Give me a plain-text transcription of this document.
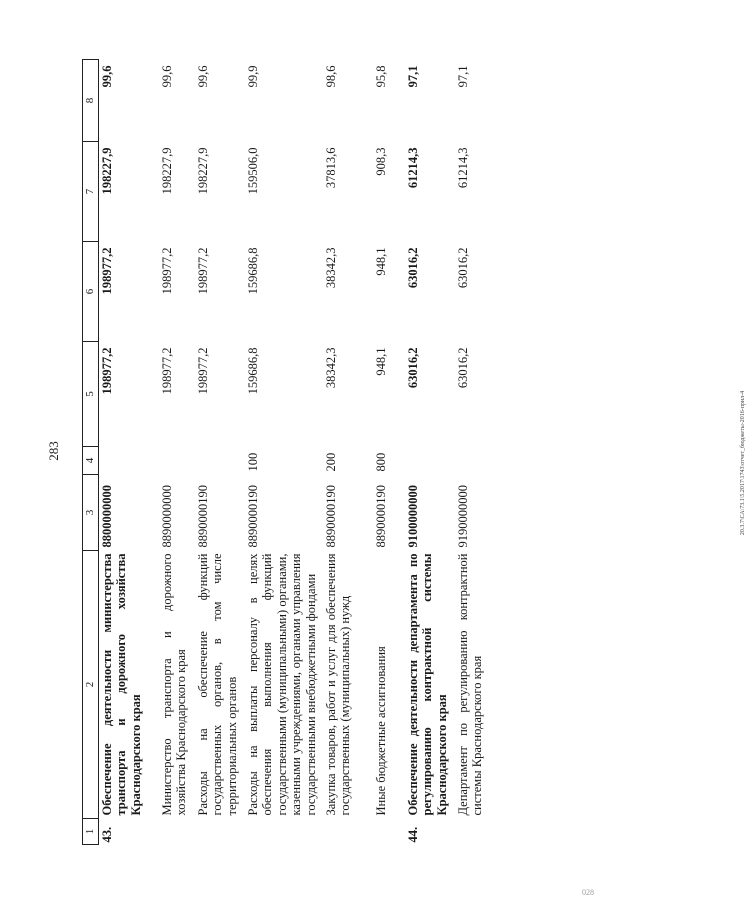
283	20.3.7\СА\73.1\5.2017\1743\отчет_бюджеты-2016-прил-4
028
1	2	3	4	5	6	7	8
43.	Обеспечение деятельности министерства транспорта и дорожного хозяйства Краснодарского края	8800000000		198977,2	198977,2	198227,9	99,6
	Министерство транспорта и дорожного хозяйства Краснодарского края	8890000000		198977,2	198977,2	198227,9	99,6
	Расходы на обеспечение функций государственных органов, в том числе территориальных органов	8890000190		198977,2	198977,2	198227,9	99,6
	Расходы на выплаты персоналу в целях обеспечения выполнения функций государственными (муниципальными) органами, казенными учреждениями, органами управления государственными внебюджетными фондами	8890000190	100	159686,8	159686,8	159506,0	99,9
	Закупка товаров, работ и услуг для обеспечения государственных (муниципальных) нужд	8890000190	200	38342,3	38342,3	37813,6	98,6
	Иные бюджетные ассигнования	8890000190	800	948,1	948,1	908,3	95,8
44.	Обеспечение деятельности департамента по регулированию контрактной системы Краснодарского края	9100000000		63016,2	63016,2	61214,3	97,1
	Департамент по регулированию контрактной системы Краснодарского края	9190000000		63016,2	63016,2	61214,3	97,1
